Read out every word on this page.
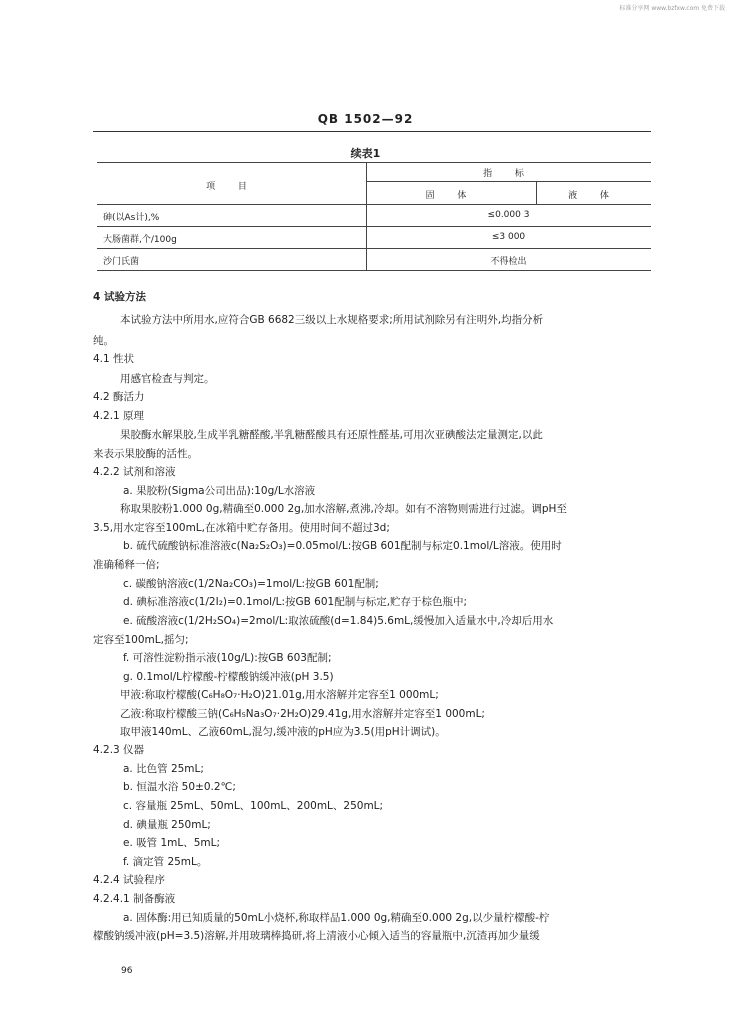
标准分享网 www.bzfxw.com 免费下载
QB 1502—92
续表1
项 目
指 标
固 体	液 体
砷(以As计),%	≤0.000 3
大肠菌群,个/100g	≤3 000
沙门氏菌	不得检出
4 试验方法
本试验方法中所用水,应符合GB 6682三级以上水规格要求;所用试剂除另有注明外,均指分析
纯。
4.1 性状
用感官检查与判定。
4.2 酶活力
4.2.1 原理
果胶酶水解果胶,生成半乳糖醛酸,半乳糖醛酸具有还原性醛基,可用次亚碘酸法定量测定,以此
来表示果胶酶的活性。
4.2.2 试剂和溶液
a. 果胶粉(Sigma公司出品):10g/L水溶液
称取果胶粉1.000 0g,精确至0.000 2g,加水溶解,煮沸,冷却。如有不溶物则需进行过滤。调pH至
3.5,用水定容至100mL,在冰箱中贮存备用。使用时间不超过3d;
b. 硫代硫酸钠标准溶液c(Na₂S₂O₃)=0.05mol/L:按GB 601配制与标定0.1mol/L溶液。使用时
准确稀释一倍;
c. 碳酸钠溶液c(1/2Na₂CO₃)=1mol/L:按GB 601配制;
d. 碘标准溶液c(1/2I₂)=0.1mol/L:按GB 601配制与标定,贮存于棕色瓶中;
e. 硫酸溶液c(1/2H₂SO₄)=2mol/L:取浓硫酸(d=1.84)5.6mL,缓慢加入适量水中,冷却后用水
定容至100mL,摇匀;
f. 可溶性淀粉指示液(10g/L):按GB 603配制;
g. 0.1mol/L柠檬酸-柠檬酸钠缓冲液(pH 3.5)
甲液:称取柠檬酸(C₆H₈O₇·H₂O)21.01g,用水溶解并定容至1 000mL;
乙液:称取柠檬酸三钠(C₆H₅Na₃O₇·2H₂O)29.41g,用水溶解并定容至1 000mL;
取甲液140mL、乙液60mL,混匀,缓冲液的pH应为3.5(用pH计调试)。
4.2.3 仪器
a. 比色管 25mL;
b. 恒温水浴 50±0.2℃;
c. 容量瓶 25mL、50mL、100mL、200mL、250mL;
d. 碘量瓶 250mL;
e. 吸管 1mL、5mL;
f. 滴定管 25mL。
4.2.4 试验程序
4.2.4.1 制备酶液
a. 固体酶:用已知质量的50mL小烧杯,称取样品1.000 0g,精确至0.000 2g,以少量柠檬酸-柠
檬酸钠缓冲液(pH=3.5)溶解,并用玻璃棒捣研,将上清液小心倾入适当的容量瓶中,沉渣再加少量缓
96
